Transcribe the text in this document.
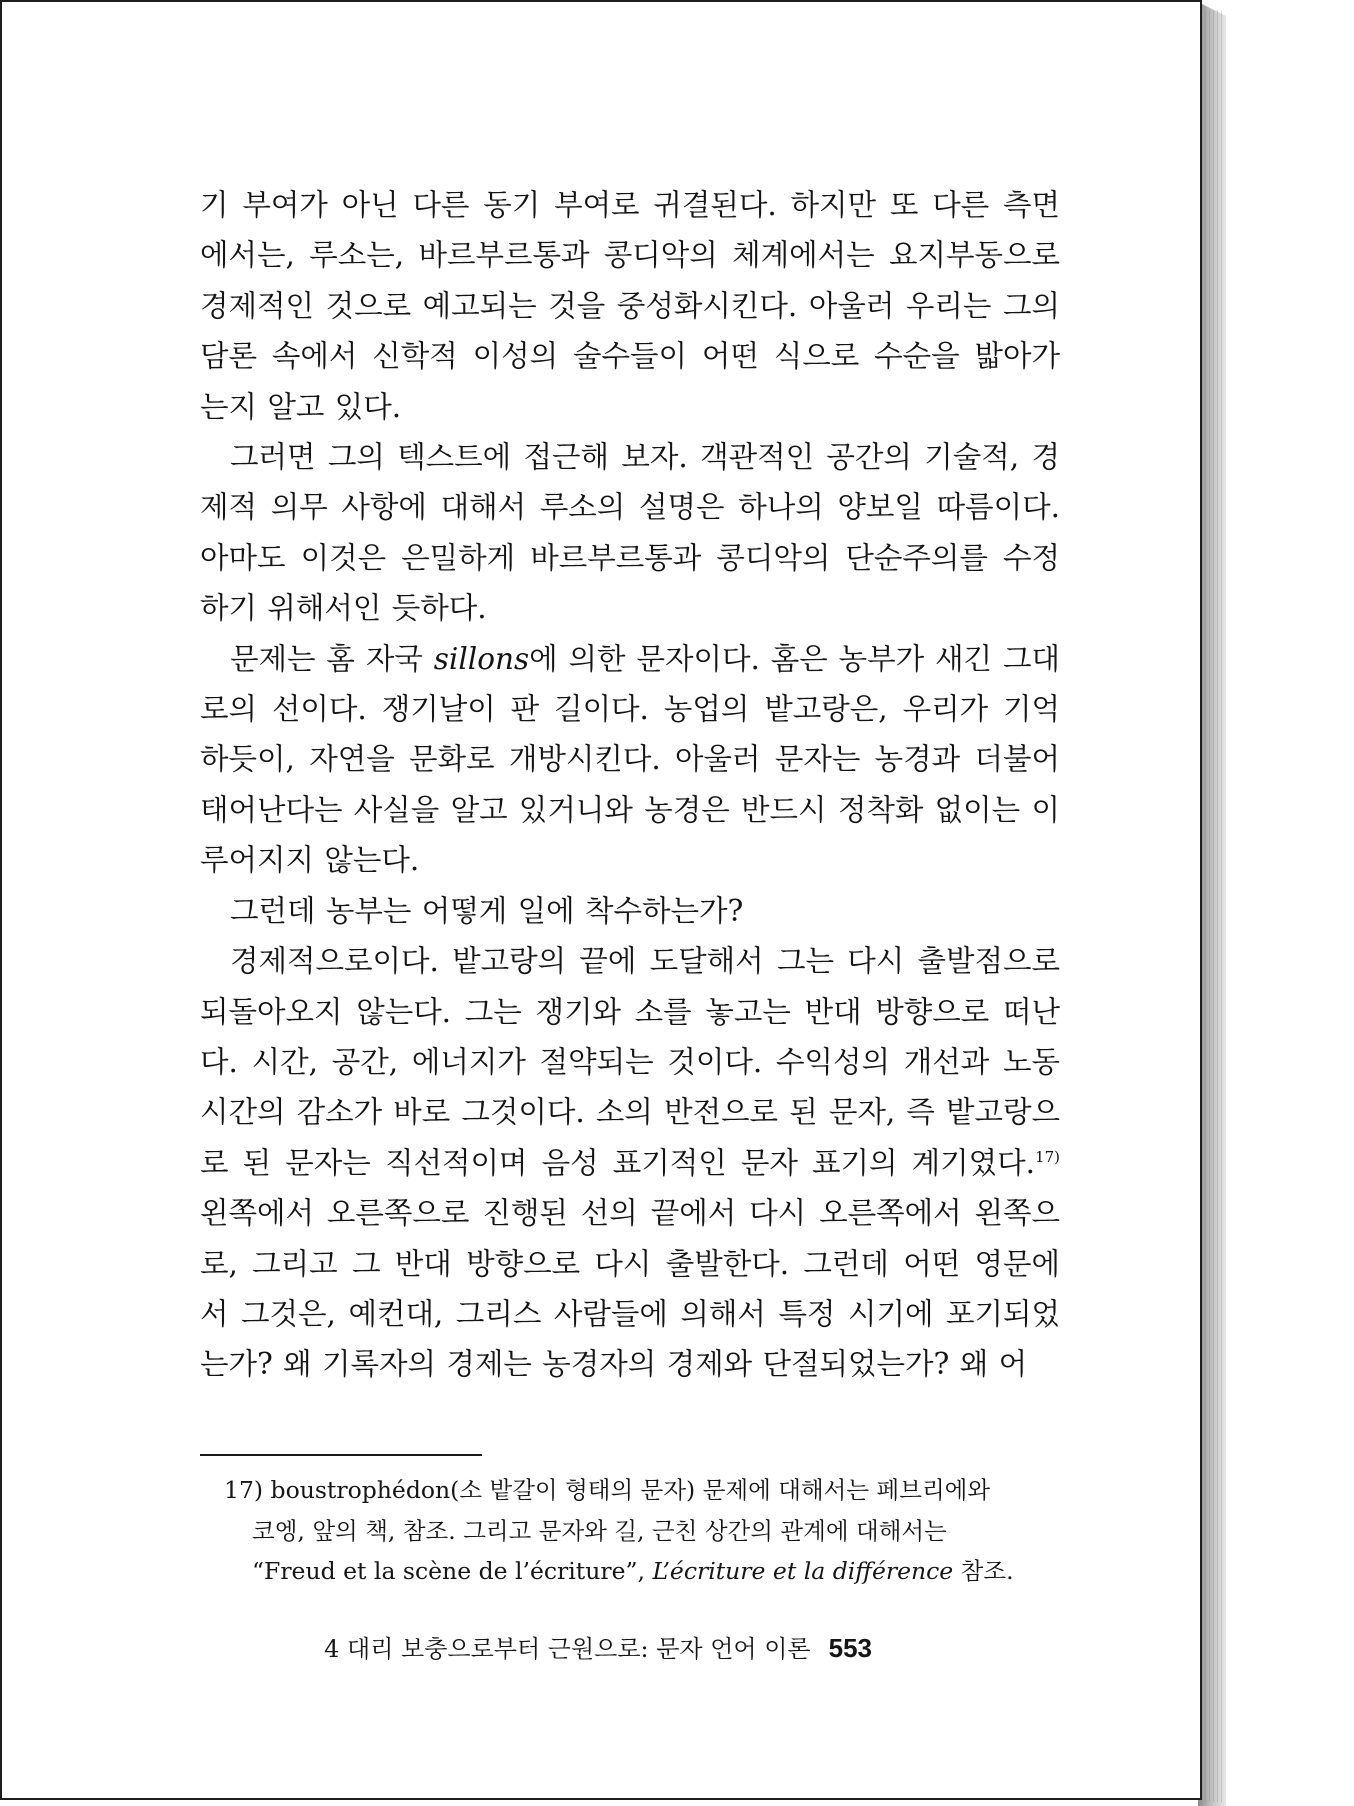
기 부여가 아닌 다른 동기 부여로 귀결된다. 하지만 또 다른 측면 에서는, 루소는, 바르부르통과 콩디악의 체계에서는 요지부동으로 경제적인 것으로 예고되는 것을 중성화시킨다. 아울러 우리는 그의 담론 속에서 신학적 이성의 술수들이 어떤 식으로 수순을 밟아가 는지 알고 있다.

그러면 그의 텍스트에 접근해 보자. 객관적인 공간의 기술적, 경 제적 의무 사항에 대해서 루소의 설명은 하나의 양보일 따름이다. 아마도 이것은 은밀하게 바르부르통과 콩디악의 단순주의를 수정 하기 위해서인 듯하다.

문제는 홈 자국 sillons에 의한 문자이다. 홈은 농부가 새긴 그대 로의 선이다. 쟁기날이 판 길이다. 농업의 밭고랑은, 우리가 기억 하듯이, 자연을 문화로 개방시킨다. 아울러 문자는 농경과 더불어 태어난다는 사실을 알고 있거니와 농경은 반드시 정착화 없이는 이루어지지 않는다.

그런데 농부는 어떻게 일에 착수하는가?

경제적으로이다. 밭고랑의 끝에 도달해서 그는 다시 출발점으로 되돌아오지 않는다. 그는 쟁기와 소를 놓고는 반대 방향으로 떠난 다. 시간, 공간, 에너지가 절약되는 것이다. 수익성의 개선과 노동 시간의 감소가 바로 그것이다. 소의 반전으로 된 문자, 즉 밭고랑으 로 된 문자는 직선적이며 음성 표기적인 문자 표기의 계기였다.$^{17)}$ 왼쪽에서 오른쪽으로 진행된 선의 끝에서 다시 오른쪽에서 왼쪽으 로, 그리고 그 반대 방향으로 다시 출발한다. 그런데 어떤 영문에 서 그것은, 예컨대, 그리스 사람들에 의해서 특정 시기에 포기되었 는가? 왜 기록자의 경제는 농경자의 경제와 단절되었는가? 왜 어

17) boustrophédon(소 밭갈이 형태의 문자) 문제에 대해서는 페브리에와

코엥, 앞의 책, 참조. 그리고 문자와 길, 근친 상간의 관계에 대해서는

“Freud et la scène de l’écriture”, L’écriture et la différence 참조.

4 대리 보충으로부터 근원으로: 문자 언어 이론 553
